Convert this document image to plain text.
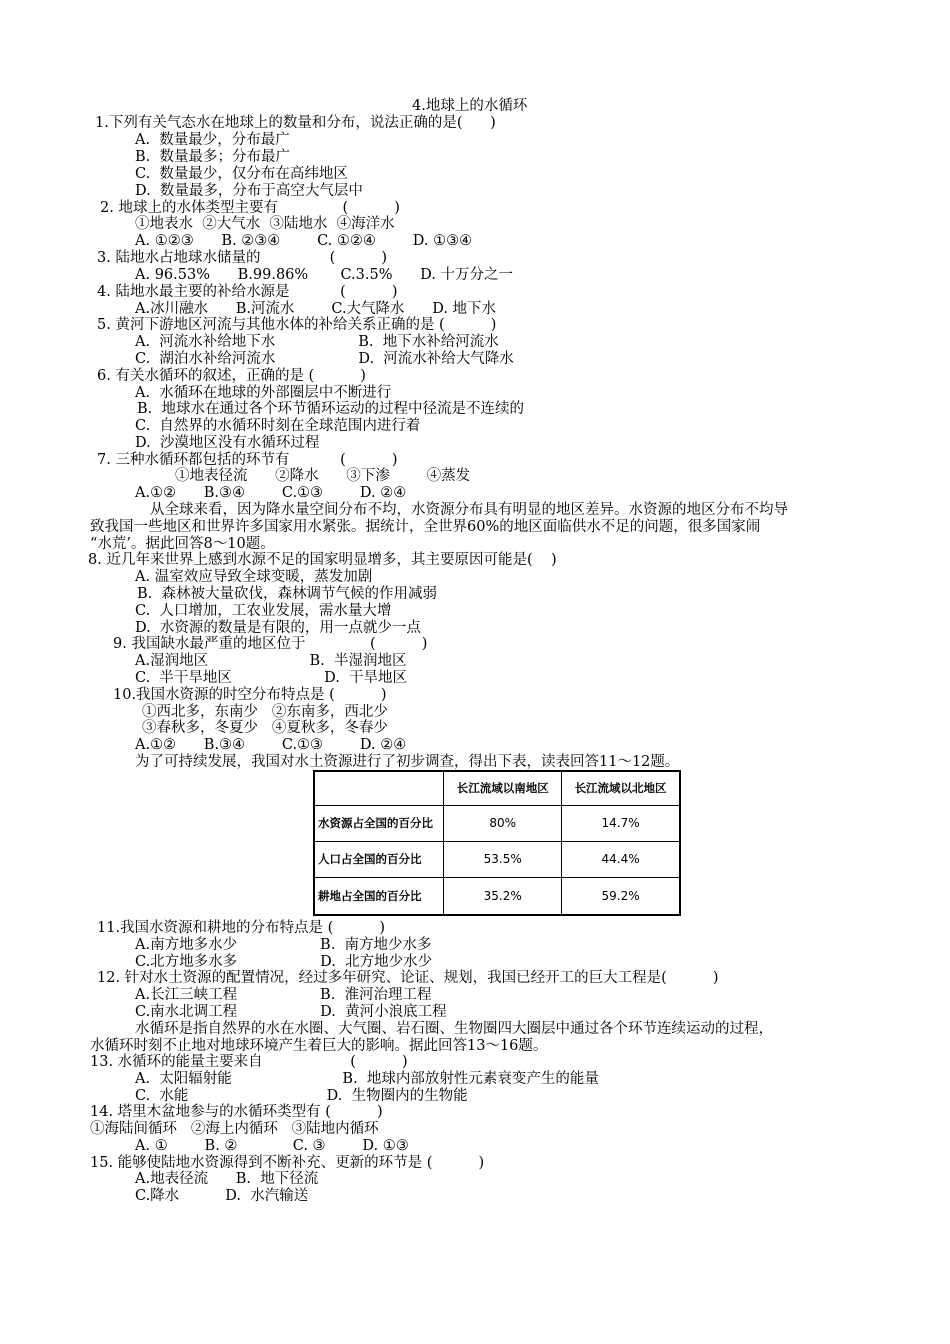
4.地球上的水循环
1.下列有关气态水在地球上的数量和分布，说法正确的是(      )
A.  数量最少，分布最广
B.  数量最多；分布最广
C.  数量最少，仅分布在高纬地区
D.  数量最多，分布于高空大气层中
2. 地球上的水体类型主要有              (          )
①地表水  ②大气水  ③陆地水  ④海洋水
A. ①②③      B. ②③④        C. ①②④        D. ①③④
3. 陆地水占地球水储量的               (          )
A. 96.53%      B.99.86%       C.3.5%      D. 十万分之一
4. 陆地水最主要的补给水源是           (          )
A.冰川融水      B.河流水        C.大气降水      D. 地下水
5. 黄河下游地区河流与其他水体的补给关系正确的是 (          )
A.  河流水补给地下水                  B.  地下水补给河流水
C.  湖泊水补给河流水                  D.  河流水补给大气降水
6. 有关水循环的叙述，正确的是 (          )
A.  水循环在地球的外部圈层中不断进行
B.  地球水在通过各个环节循环运动的过程中径流是不连续的
C.  自然界的水循环时刻在全球范围内进行着
D.  沙漠地区没有水循环过程
7. 三种水循环都包括的环节有           (          )
①地表径流      ②降水      ③下渗        ④蒸发
A.①②      B.③④        C.①③        D. ②④
从全球来看，因为降水量空间分布不均，水资源分布具有明显的地区差异。水资源的地区分布不均导
致我国一些地区和世界许多国家用水紧张。据统计，全世界60%的地区面临供水不足的问题，很多国家闹
“水荒’。据此回答8～10题。
8. 近几年来世界上感到水源不足的国家明显增多，其主要原因可能是(    )
A. 温室效应导致全球变暖，蒸发加剧
B.  森林被大量砍伐，森林调节气候的作用减弱
C.  人口增加，工农业发展，需水量大增
D.  水资源的数量是有限的，用一点就少一点
9. 我国缺水最严重的地区位于              (          )
A.湿润地区                      B.  半湿润地区
C.  半干旱地区                    D.  干旱地区
10.我国水资源的时空分布特点是 (          )
①西北多，东南少   ②东南多，西北少
③春秋多，冬夏少   ④夏秋多，冬春少
A.①②      B.③④        C.①③        D. ②④
为了可持续发展，我国对水土资源进行了初步调查，得出下表，读表回答11～12题。
11.我国水资源和耕地的分布特点是 (          )
A.南方地多水少                  B.  南方地少水多
C.北方地多水多                  D.  北方地少水少
12. 针对水土资源的配置情况，经过多年研究、论证、规划，我国已经开工的巨大工程是(          )
A.长江三峡工程                  B.  淮河治理工程
C.南水北调工程                  D.  黄河小浪底工程
水循环是指自然界的水在水圈、大气圈、岩石圈、生物圈四大圈层中通过各个环节连续运动的过程，
水循环时刻不止地对地球环境产生着巨大的影响。据此回答13～16题。
13. 水循环的能量主要来自                   (          )
A.  太阳辐射能                        B.  地球内部放射性元素衰变产生的能量
C.  水能                              D.  生物圈内的生物能
14. 塔里木盆地参与的水循环类型有 (          )
①海陆间循环   ②海上内循环   ③陆地内循环
A. ①        B. ②            C. ③        D. ①③
15. 能够使陆地水资源得到不断补充、更新的环节是 (          )
A.地表径流      B.  地下径流
C.降水          D.  水汽输送
	长江流域以南地区	长江流域以北地区
水资源占全国的百分比	80%	14.7%
人口占全国的百分比	53.5%	44.4%
耕地占全国的百分比	35.2%	59.2%
